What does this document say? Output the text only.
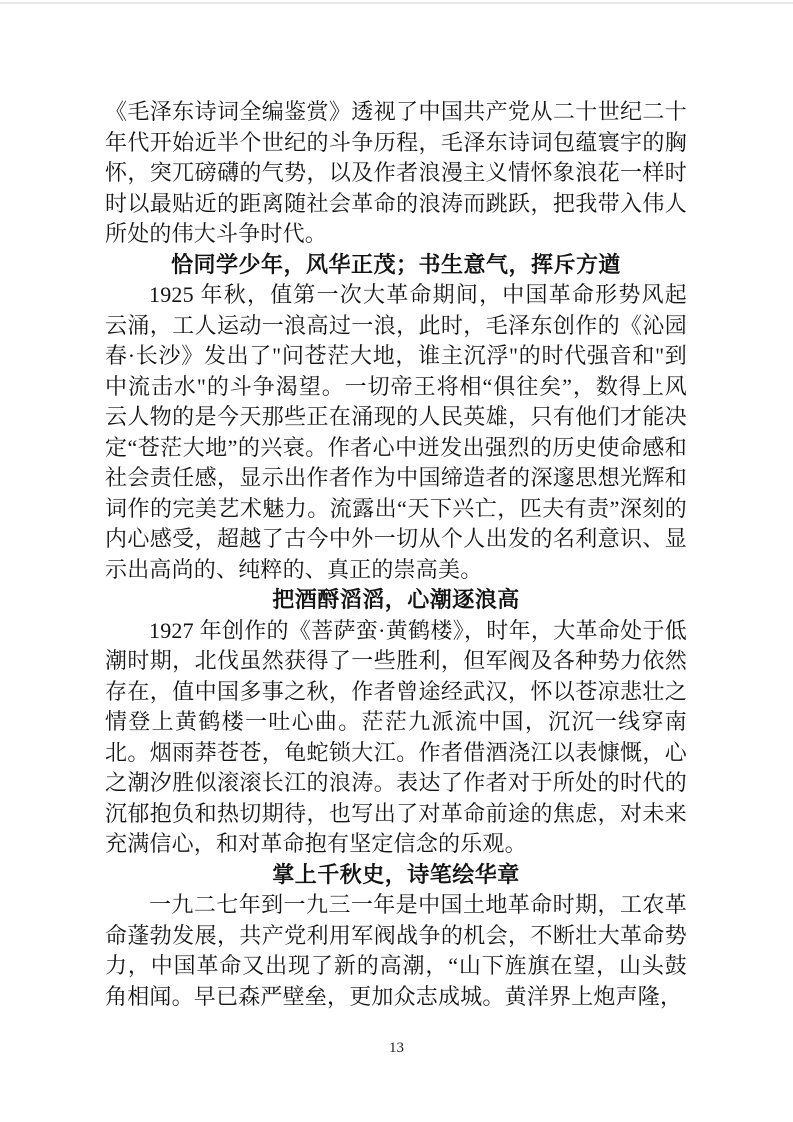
《毛泽东诗词全编鉴赏》透视了中国共产党从二十世纪二十年代开始近半个世纪的斗争历程，毛泽东诗词包蕴寰宇的胸怀，突兀磅礴的气势，以及作者浪漫主义情怀象浪花一样时时以最贴近的距离随社会革命的浪涛而跳跃，把我带入伟人所处的伟大斗争时代。

恰同学少年，风华正茂；书生意气，挥斥方遒

1925 年秋，值第一次大革命期间，中国革命形势风起云涌，工人运动一浪高过一浪，此时，毛泽东创作的《沁园春·长沙》发出了"问苍茫大地，谁主沉浮"的时代强音和"到中流击水"的斗争渴望。一切帝王将相“俱往矣”，数得上风云人物的是今天那些正在涌现的人民英雄，只有他们才能决定“苍茫大地”的兴衰。作者心中迸发出强烈的历史使命感和社会责任感，显示出作者作为中国缔造者的深邃思想光辉和词作的完美艺术魅力。流露出“天下兴亡，匹夫有责”深刻的内心感受，超越了古今中外一切从个人出发的名利意识、显示出高尚的、纯粹的、真正的崇高美。

把酒酹滔滔，心潮逐浪高

1927 年创作的《菩萨蛮·黄鹤楼》，时年，大革命处于低潮时期，北伐虽然获得了一些胜利，但军阀及各种势力依然存在，值中国多事之秋，作者曾途经武汉，怀以苍凉悲壮之情登上黄鹤楼一吐心曲。茫茫九派流中国，沉沉一线穿南北。烟雨莽苍苍，龟蛇锁大江。作者借酒浇江以表慷慨，心之潮汐胜似滚滚长江的浪涛。表达了作者对于所处的时代的沉郁抱负和热切期待，也写出了对革命前途的焦虑，对未来充满信心，和对革命抱有坚定信念的乐观。

掌上千秋史，诗笔绘华章

一九二七年到一九三一年是中国土地革命时期，工农革命蓬勃发展，共产党利用军阀战争的机会，不断壮大革命势力，中国革命又出现了新的高潮，“山下旌旗在望，山头鼓角相闻。早已森严壁垒，更加众志成城。黄洋界上炮声隆，

13
